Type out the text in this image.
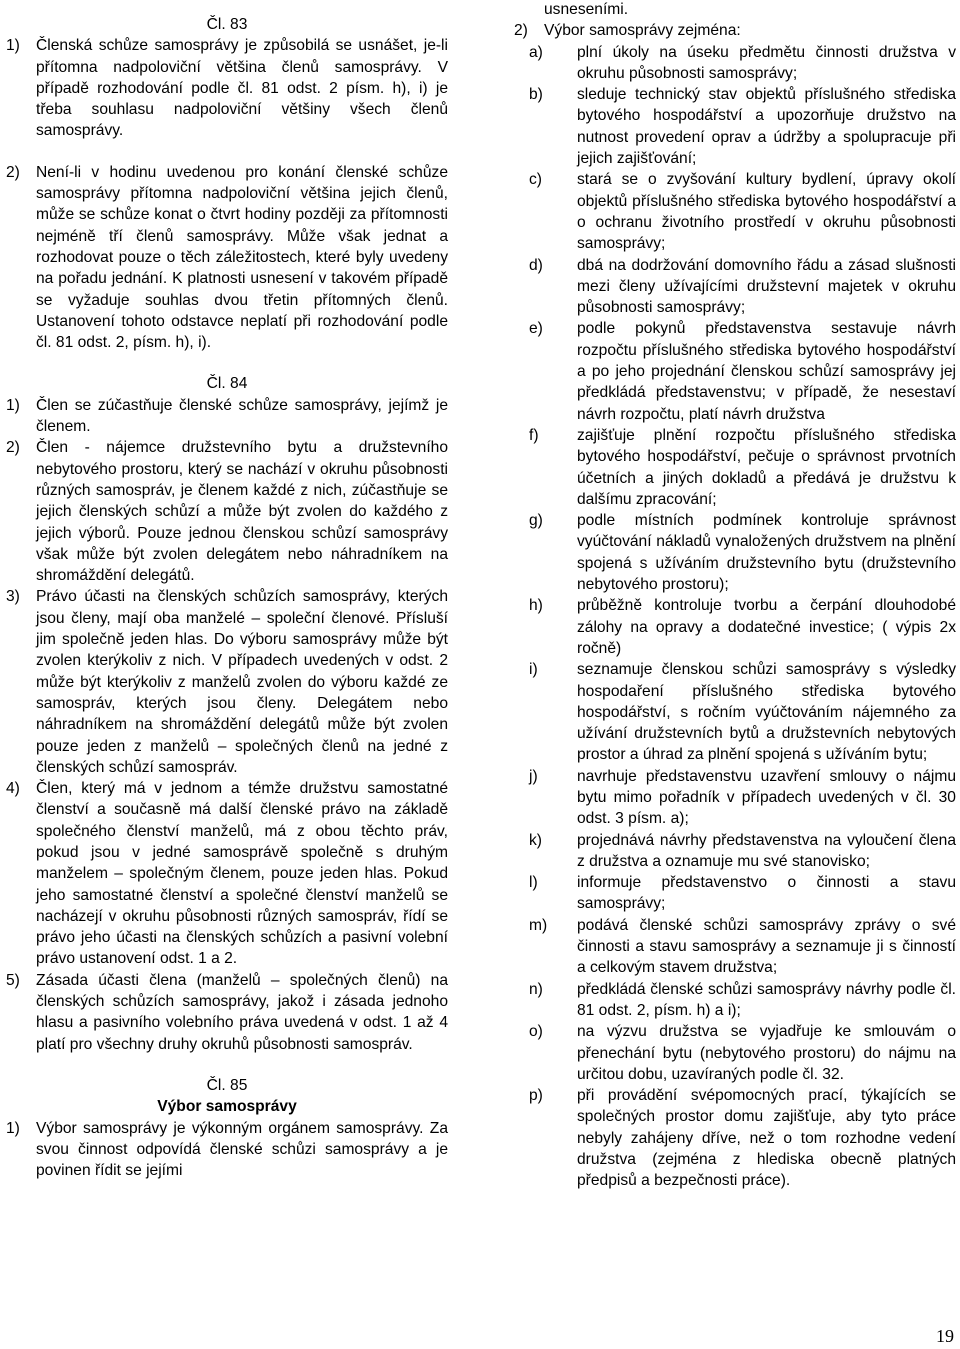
Čl. 83

1)	Členská schůze samosprávy je způsobilá se usnášet, je-li přítomna nadpoloviční většina členů samosprávy. V případě rozhodování podle čl. 81 odst. 2 písm. h), i) je třeba souhlasu nadpoloviční většiny všech členů samosprávy.
2)	Není-li v hodinu uvedenou pro konání členské schůze samosprávy přítomna nadpoloviční většina jejich členů, může se schůze konat o čtvrt hodiny později za přítomnosti nejméně tří členů samosprávy. Může však jednat a rozhodovat pouze o těch záležitostech, které byly uvedeny na pořadu jednání. K platnosti usnesení v takovém případě se vyžaduje souhlas dvou třetin přítomných členů. Ustanovení tohoto odstavce neplatí při rozhodování podle čl. 81 odst. 2, písm. h), i).

Čl. 84

1)	Člen se zúčastňuje členské schůze samosprávy, jejímž je členem.
2)	Člen - nájemce družstevního bytu a družstevního nebytového prostoru, který se nachází v okruhu působnosti různých samospráv, je členem každé z nich, zúčastňuje se jejich členských schůzí a může být zvolen do každého z jejich výborů. Pouze jednou členskou schůzí samosprávy však může být zvolen delegátem nebo náhradníkem na shromáždění delegátů.
3)	Právo účasti na členských schůzích samosprávy, kterých jsou členy, mají oba manželé – společní členové. Přísluší jim společně jeden hlas. Do výboru samosprávy může být zvolen kterýkoliv z nich. V případech uvedených v odst. 2 může být kterýkoliv z manželů zvolen do výboru každé ze samospráv, kterých jsou členy. Delegátem nebo náhradníkem na shromáždění delegátů může být zvolen pouze jeden z manželů – společných členů na jedné z členských schůzí samospráv.
4)	Člen, který má v jednom a témže družstvu samostatné členství a současně má další členské právo na základě společného členství manželů, má z obou těchto práv, pokud jsou v jedné samosprávě společně s druhým manželem – společným členem, pouze jeden hlas. Pokud jeho samostatné členství a společné členství manželů se nacházejí v okruhu působnosti různých samospráv, řídí se právo jeho účasti na členských schůzích a pasivní volební právo ustanovení odst. 1 a 2.
5)	Zásada účasti člena (manželů – společných členů) na členských schůzích samosprávy, jakož i zásada jednoho hlasu a pasivního volebního práva uvedená v odst. 1 až 4 platí pro všechny druhy okruhů působnosti samospráv.

Čl. 85

Výbor samosprávy

1)	Výbor samosprávy je výkonným orgánem samosprávy. Za svou činnost odpovídá členské schůzi samosprávy a je povinen řídit se jejími

usneseními.

2)	Výbor samosprávy zejména:
a)	plní úkoly na úseku předmětu činnosti družstva v okruhu působnosti samosprávy;
b)	sleduje technický stav objektů příslušného střediska bytového hospodářství a upozorňuje družstvo na nutnost provedení oprav a údržby a spolupracuje při jejich zajišťování;
c)	stará se o zvyšování kultury bydlení, úpravy okolí objektů příslušného střediska bytového hospodářství a o ochranu životního prostředí v okruhu působnosti samosprávy;
d)	dbá na dodržování domovního řádu a zásad slušnosti mezi členy užívajícími družstevní majetek v okruhu působnosti samosprávy;
e)	podle pokynů představenstva sestavuje návrh rozpočtu příslušného střediska bytového hospodářství a po jeho projednání členskou schůzí samosprávy jej předkládá představenstvu; v případě, že nesestaví návrh rozpočtu, platí návrh družstva
f)	zajišťuje plnění rozpočtu příslušného střediska bytového hospodářství, pečuje o správnost prvotních účetních a jiných dokladů a předává je družstvu k dalšímu zpracování;
g)	podle místních podmínek kontroluje správnost vyúčtování nákladů vynaložených družstvem na plnění spojená s užíváním družstevního bytu (družstevního nebytového prostoru);
h)	průběžně kontroluje tvorbu a čerpání dlouhodobé zálohy na opravy a dodatečné investice; ( výpis 2x ročně)
i)	seznamuje členskou schůzi samosprávy s výsledky hospodaření příslušného střediska bytového hospodářství, s ročním vyúčtováním nájemného za užívání družstevních bytů a družstevních nebytových prostor a úhrad za plnění spojená s užíváním bytu;
j)	navrhuje představenstvu uzavření smlouvy o nájmu bytu mimo pořadník v případech uvedených v čl. 30 odst. 3 písm. a);
k)	projednává návrhy představenstva na vyloučení člena z družstva a oznamuje mu své stanovisko;
l)	informuje představenstvo o činnosti a stavu samosprávy;
m)	podává členské schůzi samosprávy zprávy o své činnosti a stavu samosprávy a seznamuje ji s činností a celkovým stavem družstva;
n)	předkládá členské schůzi samosprávy návrhy podle čl. 81 odst. 2, písm. h) a i);
o)	na výzvu družstva se vyjadřuje ke smlouvám o přenechání bytu (nebytového prostoru) do nájmu na určitou dobu, uzavíraných podle čl. 32.
p)	při provádění svépomocných prací, týkajících se společných prostor domu zajišťuje, aby tyto práce nebyly zahájeny dříve, než o tom rozhodne vedení družstva (zejména z hlediska obecně platných předpisů a bezpečnosti práce).
19
